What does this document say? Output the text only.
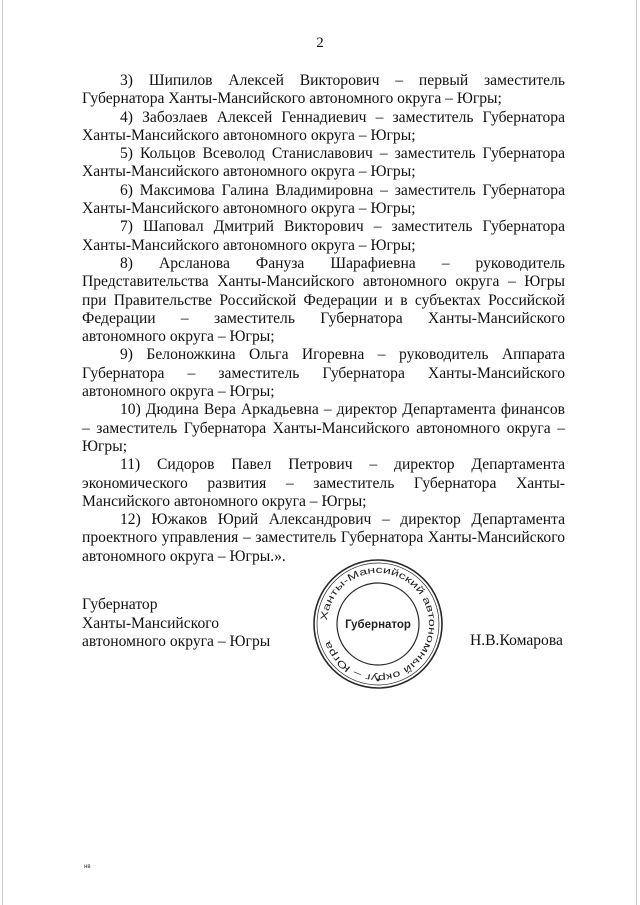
2

3) Шипилов Алексей Викторович – первый заместитель Губернатора Ханты-Мансийского автономного округа – Югры;

4) Забозлаев Алексей Геннадиевич – заместитель Губернатора Ханты-Мансийского автономного округа – Югры;

5) Кольцов Всеволод Станиславович – заместитель Губернатора Ханты-Мансийского автономного округа – Югры;

6) Максимова Галина Владимировна – заместитель Губернатора Ханты-Мансийского автономного округа – Югры;

7) Шаповал Дмитрий Викторович – заместитель Губернатора Ханты-Мансийского автономного округа – Югры;

8) Арсланова Фануза Шарафиевна – руководитель Представительства Ханты-Мансийского автономного округа – Югры при Правительстве Российской Федерации и в субъектах Российской Федерации – заместитель Губернатора Ханты-Мансийского автономного округа – Югры;

9) Белоножкина Ольга Игоревна – руководитель Аппарата Губернатора – заместитель Губернатора Ханты-Мансийского автономного округа – Югры;

10) Дюдина Вера Аркадьевна – директор Департамента финансов – заместитель Губернатора Ханты-Мансийского автономного округа – Югры;

11) Сидоров Павел Петрович – директор Департамента экономического развития – заместитель Губернатора Ханты-Мансийского автономного округа – Югры;

12) Южаков Юрий Александрович – директор Департамента проектного управления – заместитель Губернатора Ханты-Мансийского автономного округа – Югры.».

Губернатор
Ханты-Мансийского
автономного округа – Югры	Н.В.Комарова
Ханты-Мансийский автономный округ – Югра
Губернатор
нв
